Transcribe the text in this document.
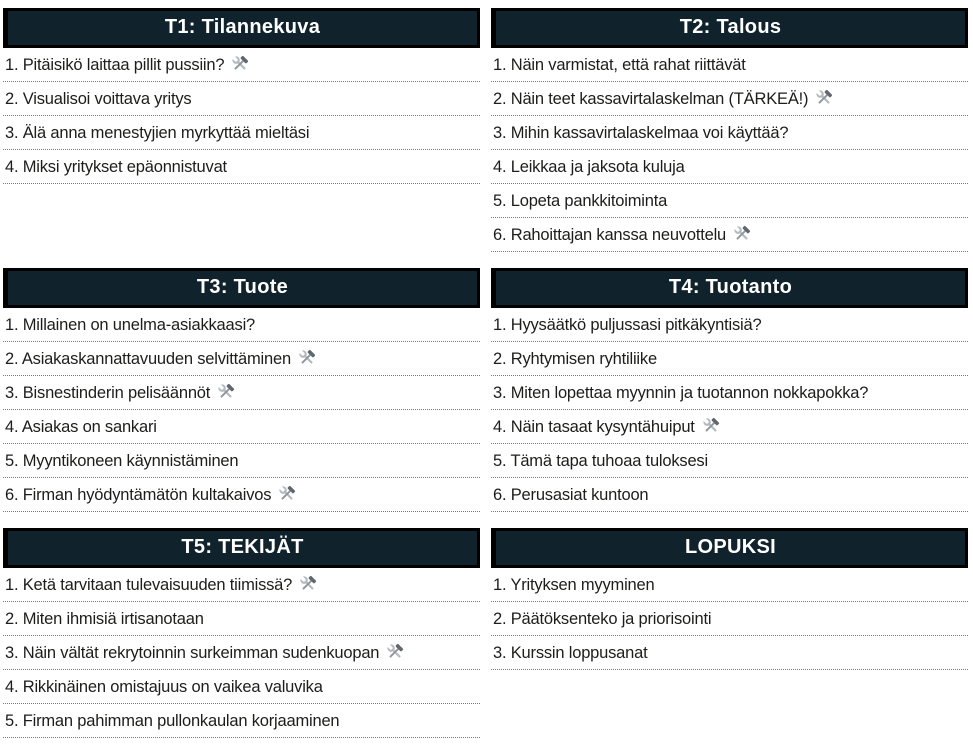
T1: Tilannekuva
1. Pitäisikö laittaa pillit pussiin?
2. Visualisoi voittava yritys
3. Älä anna menestyjien myrkyttää mieltäsi
4. Miksi yritykset epäonnistuvat
T2: Talous
1. Näin varmistat, että rahat riittävät
2. Näin teet kassavirtalaskelman (TÄRKEÄ!)
3. Mihin kassavirtalaskelmaa voi käyttää?
4. Leikkaa ja jaksota kuluja
5. Lopeta pankkitoiminta
6. Rahoittajan kanssa neuvottelu
T3: Tuote
1. Millainen on unelma-asiakkaasi?
2. Asiakaskannattavuuden selvittäminen
3. Bisnestinderin pelisäännöt
4. Asiakas on sankari
5. Myyntikoneen käynnistäminen
6. Firman hyödyntämätön kultakaivos
T4: Tuotanto
1. Hyysäätkö puljussasi pitkäkyntisiä?
2. Ryhtymisen ryhtiliike
3. Miten lopettaa myynnin ja tuotannon nokkapokka?
4. Näin tasaat kysyntähuiput
5. Tämä tapa tuhoaa tuloksesi
6. Perusasiat kuntoon
T5: TEKIJÄT
1. Ketä tarvitaan tulevaisuuden tiimissä?
2. Miten ihmisiä irtisanotaan
3. Näin vältät rekrytoinnin surkeimman sudenkuopan
4. Rikkinäinen omistajuus on vaikea valuvika
5. Firman pahimman pullonkaulan korjaaminen
LOPUKSI
1. Yrityksen myyminen
2. Päätöksenteko ja priorisointi
3. Kurssin loppusanat
